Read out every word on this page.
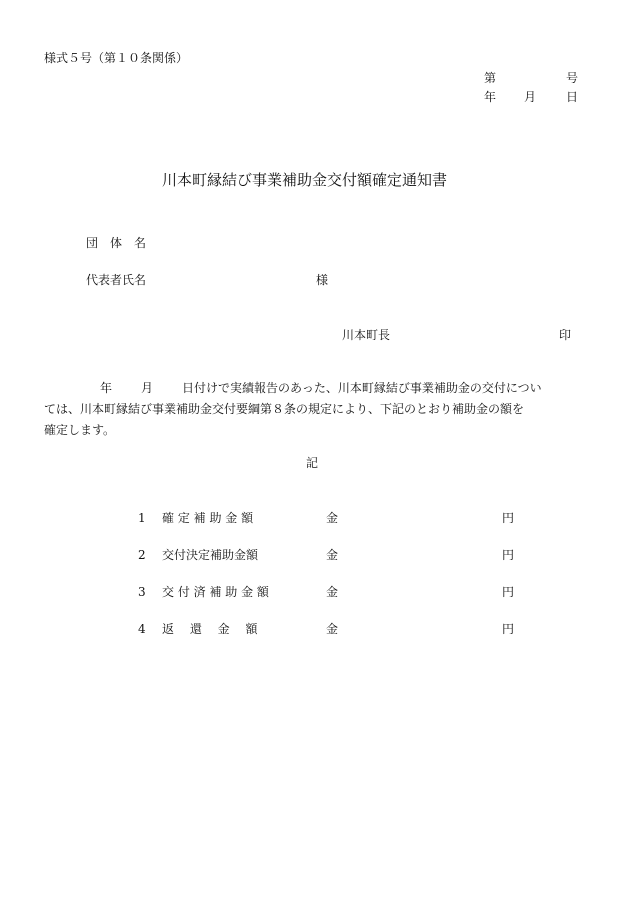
様式５号（第１０条関係）
第	号
年 月 日
川本町縁結び事業補助金交付額確定通知書
団　体　名
代表者氏名	様
川本町長	印
年 月 日付けで実績報告のあった、川本町縁結び事業補助金の交付につい
ては、川本町縁結び事業補助金交付要綱第８条の規定により、下記のとおり補助金の額を
確定します。
記
1 確 定 補 助 金 額	金	円
2 交付決定補助金額	金	円
3 交 付 済 補 助 金 額	金	円
4 返　 還　 金　 額	金	円
